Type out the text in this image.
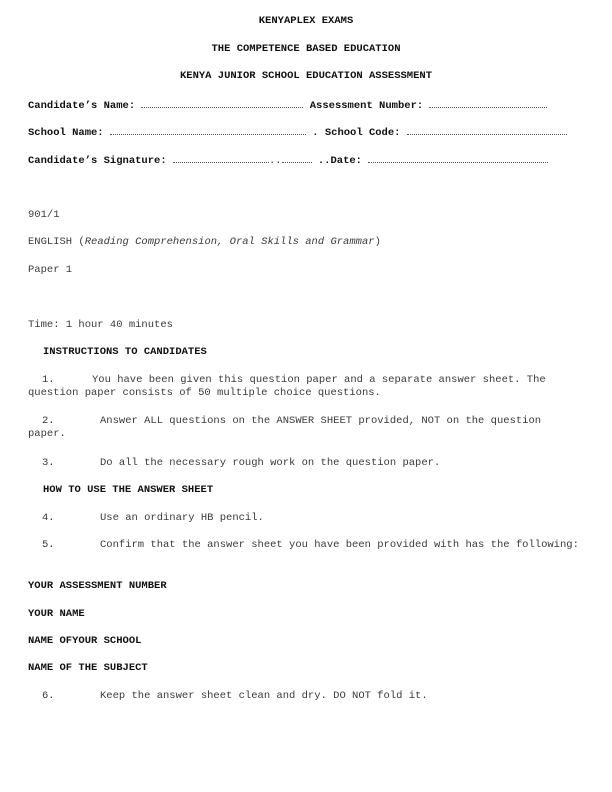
KENYAPLEX EXAMS
THE COMPETENCE BASED EDUCATION
KENYA JUNIOR SCHOOL EDUCATION ASSESSMENT
Candidate’s Name:	Assessment Number:
School Name:	. School Code:
Candidate’s Signature:	..	..Date:
901/1
ENGLISH (Reading Comprehension, Oral Skills and Grammar)
Paper 1
Time: 1 hour 40 minutes
INSTRUCTIONS TO CANDIDATES
1.	You have been given this question paper and a separate answer sheet. The question paper consists of 50 multiple choice questions.
2.	Answer ALL questions on the ANSWER SHEET provided, NOT on the question paper.
3.	Do all the necessary rough work on the question paper.
HOW TO USE THE ANSWER SHEET
4.	Use an ordinary HB pencil.
5.	Confirm that the answer sheet you have been provided with has the following:
YOUR ASSESSMENT NUMBER
YOUR NAME
NAME OFYOUR SCHOOL
NAME OF THE SUBJECT
6.	Keep the answer sheet clean and dry. DO NOT fold it.
